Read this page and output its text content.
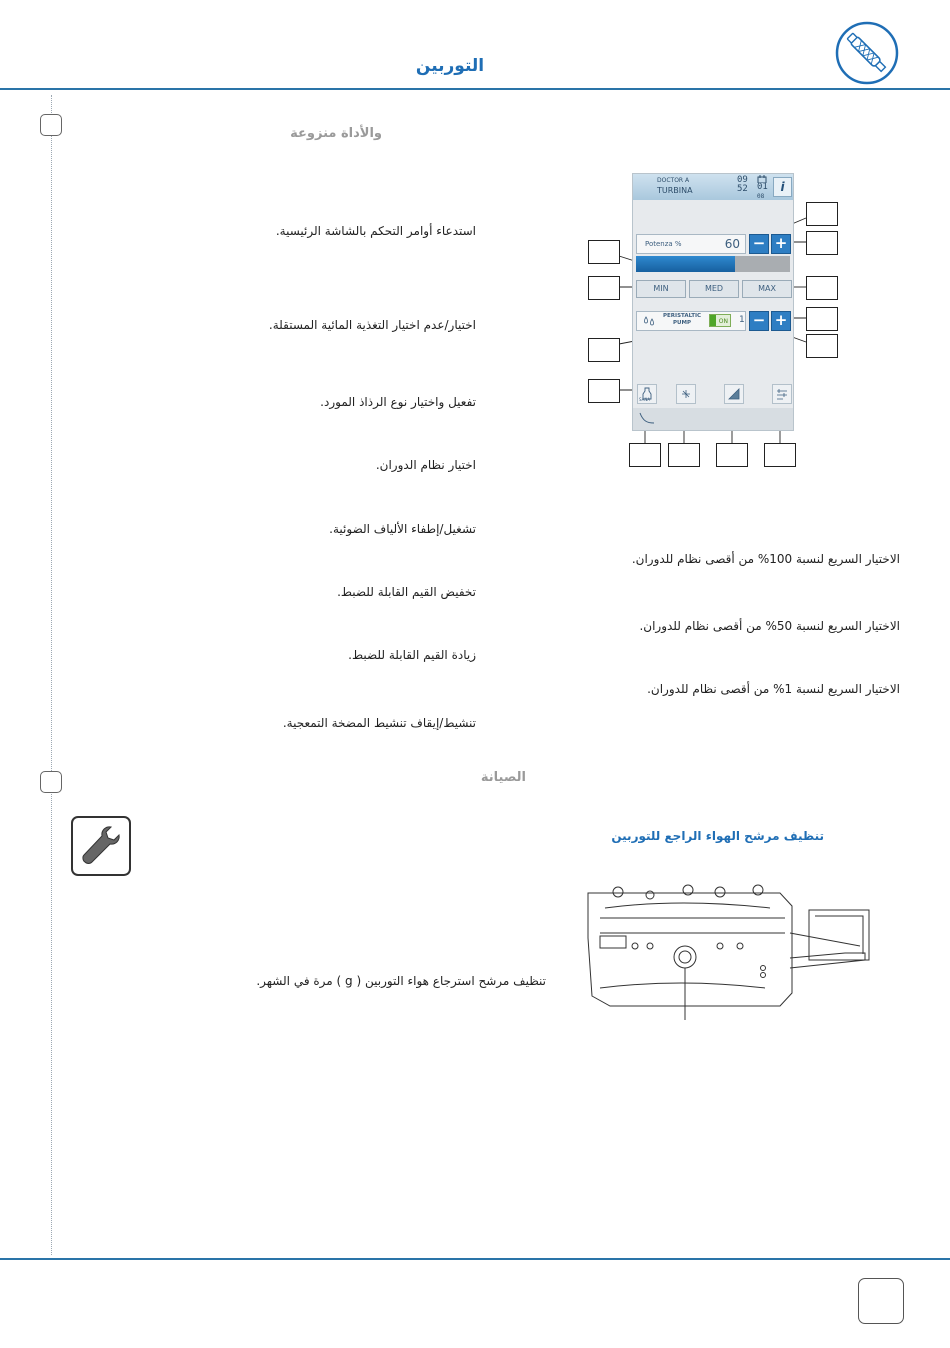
التوربين
والأداة منزوعة
استدعاء أوامر التحكم بالشاشة الرئيسية.
اختيار/عدم اختيار التغذية المائية المستقلة.
تفعيل واختيار نوع الرذاذ المورد.
اختيار نظام الدوران.
تشغيل/إطفاء الألياف الضوئية.
تخفيض القيم القابلة للضبط.
زيادة القيم القابلة للضبط.
تنشيط/إيقاف تنشيط المضخة التمعجية.
الاختيار السريع لنسبة 100% من أقصى نظام للدوران.
الاختيار السريع لنسبة 50% من أقصى نظام للدوران.
الاختيار السريع لنسبة 1% من أقصى نظام للدوران.
DOCTOR A
TURBINA
09
52 01
08
i
Potenza %	60 − +
MIN	MED	MAX
PERISTALTIC
PUMP	ON	1 − +
SANA
الصيانة
تنظيف مرشح الهواء الراجع للتوربين
تنظيف مرشح استرجاع هواء التوربين ( g ) مرة في الشهر.
